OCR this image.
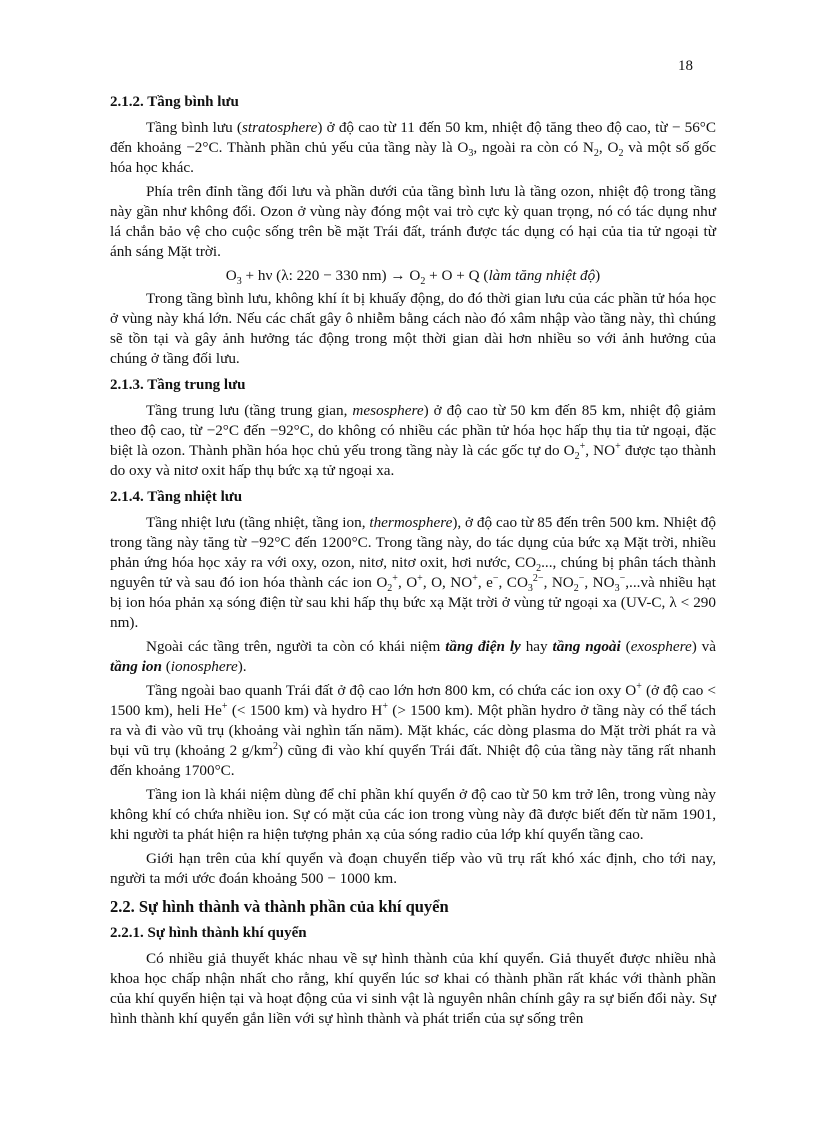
18
2.1.2. Tầng bình lưu

Tầng bình lưu (stratosphere) ở độ cao từ 11 đến 50 km, nhiệt độ tăng theo độ cao, từ − 56°C đến khoảng −2°C. Thành phần chủ yếu của tầng này là $O_3$, ngoài ra còn có $N_2$, $O_2$ và một số gốc hóa học khác.

Phía trên đỉnh tầng đối lưu và phần dưới của tầng bình lưu là tầng ozon, nhiệt độ trong tầng này gần như không đổi. Ozon ở vùng này đóng một vai trò cực kỳ quan trọng, nó có tác dụng như lá chắn bảo vệ cho cuộc sống trên bề mặt Trái đất, tránh được tác dụng có hại của tia tử ngoại từ ánh sáng Mặt trời.

$O_3 + h\nu$ (λ: 220 − 330 $nm) \to O_2 + O + Q$ (làm tăng nhiệt độ)

Trong tầng bình lưu, không khí ít bị khuấy động, do đó thời gian lưu của các phần tử hóa học ở vùng này khá lớn. Nếu các chất gây ô nhiễm bằng cách nào đó xâm nhập vào tầng này, thì chúng sẽ tồn tại và gây ảnh hưởng tác động trong một thời gian dài hơn nhiều so với ảnh hưởng của chúng ở tầng đối lưu.

2.1.3. Tầng trung lưu

Tầng trung lưu (tầng trung gian, mesosphere) ở độ cao từ 50 km đến 85 km, nhiệt độ giảm theo độ cao, từ −2°C đến −92°C, do không có nhiều các phần tử hóa học hấp thụ tia tử ngoại, đặc biệt là ozon. Thành phần hóa học chủ yếu trong tầng này là các gốc tự do $O_2^+$, NO+ được tạo thành do oxy và nitơ oxit hấp thụ bức xạ tử ngoại xa.

2.1.4. Tầng nhiệt lưu

Tầng nhiệt lưu (tầng nhiệt, tầng ion, thermosphere), ở độ cao từ 85 đến trên 500 km. Nhiệt độ trong tầng này tăng từ −92°C đến 1200°C. Trong tầng này, do tác dụng của bức xạ Mặt trời, nhiều phản ứng hóa học xảy ra với oxy, ozon, nitơ, nitơ oxit, hơi nước, $CO_2$..., chúng bị phân tách thành nguyên tử và sau đó ion hóa thành các ion $O_2^+$, O+, O, NO+, e−, $CO_3^{2-}$, $NO_2^-$, $NO_3^-,...và$ nhiều hạt bị ion hóa phản xạ sóng điện từ sau khi hấp thụ bức xạ Mặt trời ở vùng tử ngoại xa (UV-C, λ < 290 nm).

Ngoài các tầng trên, người ta còn có khái niệm tầng điện ly hay tầng ngoài (exosphere) và tầng ion (ionosphere).

Tầng ngoài bao quanh Trái đất ở độ cao lớn hơn 800 km, có chứa các ion oxy O+ (ở độ cao < 1500 km), heli He+ (< 1500 km) và hydro H+ (> 1500 km). Một phần hydro ở tầng này có thể tách ra và đi vào vũ trụ (khoảng vài nghìn tấn năm). Mặt khác, các dòng plasma do Mặt trời phát ra và bụi vũ trụ (khoảng 2 $g/km^2$) cũng đi vào khí quyển Trái đất. Nhiệt độ của tầng này tăng rất nhanh đến khoảng 1700°C.

Tầng ion là khái niệm dùng để chỉ phần khí quyển ở độ cao từ 50 km trở lên, trong vùng này không khí có chứa nhiều ion. Sự có mặt của các ion trong vùng này đã được biết đến từ năm 1901, khi người ta phát hiện ra hiện tượng phản xạ của sóng radio của lớp khí quyển tầng cao.

Giới hạn trên của khí quyển và đoạn chuyển tiếp vào vũ trụ rất khó xác định, cho tới nay, người ta mới ước đoán khoảng 500 − 1000 km.

2.2. Sự hình thành và thành phần của khí quyển
2.2.1. Sự hình thành khí quyển

Có nhiều giả thuyết khác nhau về sự hình thành của khí quyển. Giả thuyết được nhiều nhà khoa học chấp nhận nhất cho rằng, khí quyển lúc sơ khai có thành phần rất khác với thành phần của khí quyển hiện tại và hoạt động của vi sinh vật là nguyên nhân chính gây ra sự biến đổi này. Sự hình thành khí quyển gắn liền với sự hình thành và phát triển của sự sống trên
